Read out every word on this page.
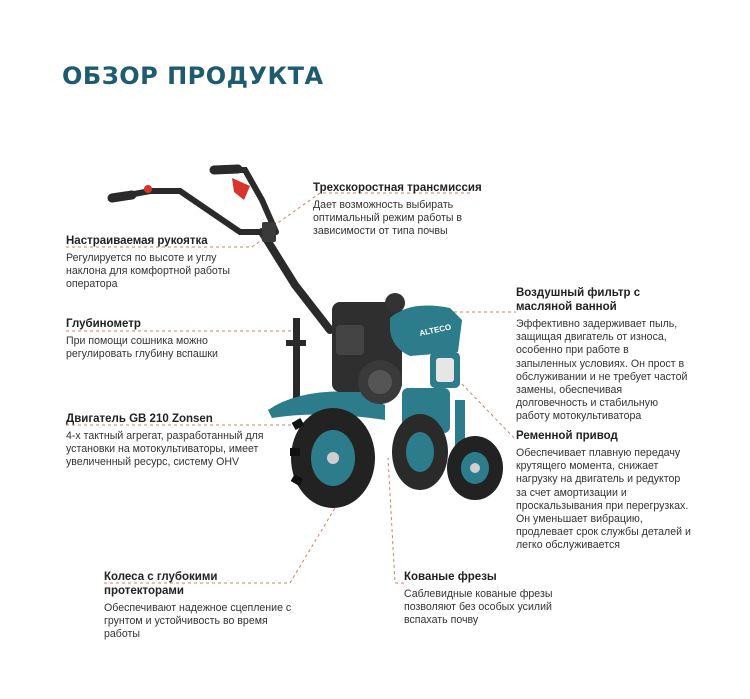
ОБЗОР ПРОДУКТА
ALTECO
Трехскоростная трансмиссия

Дает возможность выбирать оптимальный режим работы в зависимости от типа почвы

Настраиваемая рукоятка

Регулируется по высоте и углу наклона для комфортной работы оператора

Глубинометр

При помощи сошника можно регулировать глубину вспашки

Двигатель GB 210 Zonsen

4-х тактный агрегат, разработанный для установки на мотокультиваторы, имеет увеличенный ресурс, систему OHV

Колеса с глубокими протекторами

Обеспечивают надежное сцепление с грунтом и устойчивость во время работы

Воздушный фильтр с масляной ванной

Эффективно задерживает пыль, защищая двигатель от износа, особенно при работе в запыленных условиях. Он прост в обслуживании и не требует частой замены, обеспечивая долговечность и стабильную работу мотокультиватора

Ременной привод

Обеспечивает плавную передачу крутящего момента, снижает нагрузку на двигатель и редуктор за счет амортизации и проскальзывания при перегрузках. Он уменьшает вибрацию, продлевает срок службы деталей и легко обслуживается

Кованые фрезы

Саблевидные кованые фрезы позволяют без особых усилий вспахать почву
